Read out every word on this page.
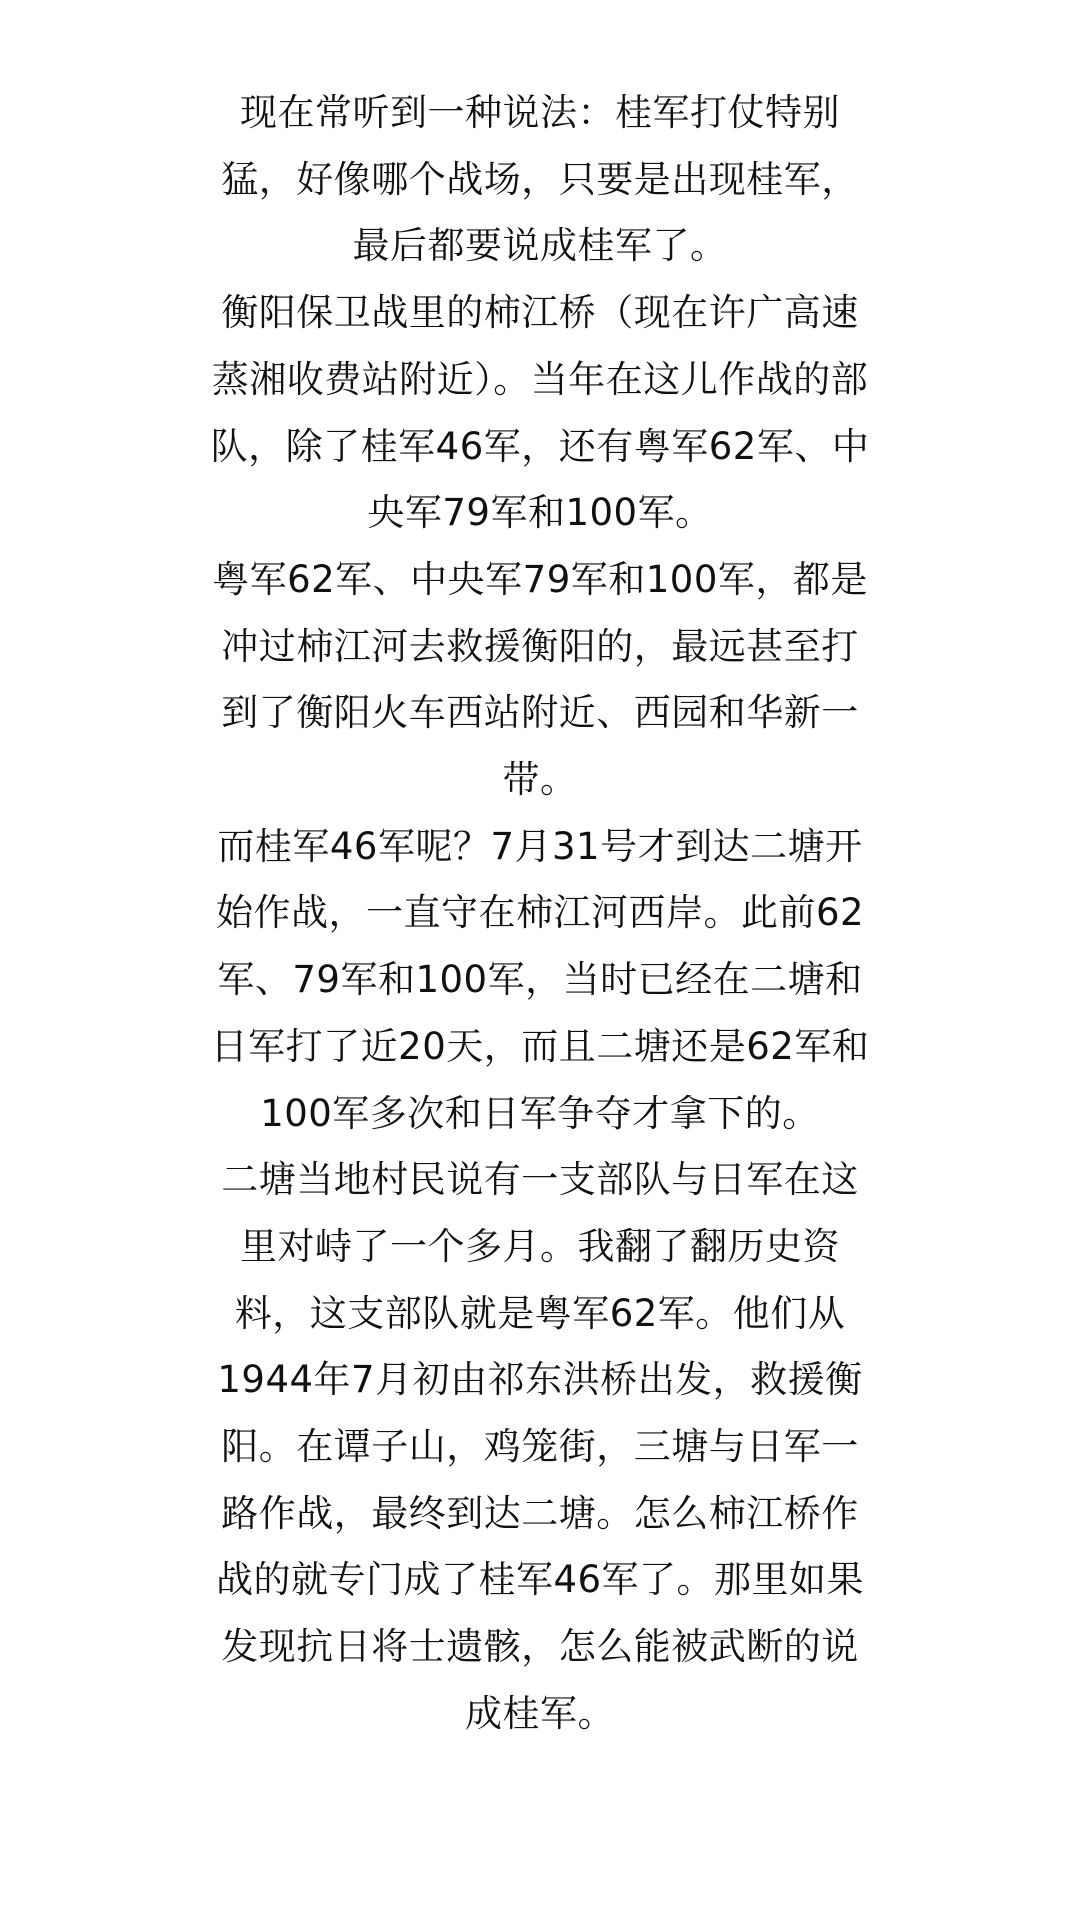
现在常听到一种说法：桂军打仗特别猛，好像哪个战场，只要是出现桂军，最后都要说成桂军了。

衡阳保卫战里的柿江桥（现在许广高速蒸湘收费站附近）。当年在这儿作战的部队，除了桂军46军，还有粤军62军、中央军79军和100军。

粤军62军、中央军79军和100军，都是冲过柿江河去救援衡阳的，最远甚至打到了衡阳火车西站附近、西园和华新一带。

而桂军46军呢？7月31号才到达二塘开始作战，一直守在柿江河西岸。此前62军、79军和100军，当时已经在二塘和日军打了近20天，而且二塘还是62军和100军多次和日军争夺才拿下的。

二塘当地村民说有一支部队与日军在这里对峙了一个多月。我翻了翻历史资料，这支部队就是粤军62军。他们从1944年7月初由祁东洪桥出发，救援衡阳。在谭子山，鸡笼街，三塘与日军一路作战，最终到达二塘。怎么柿江桥作战的就专门成了桂军46军了。那里如果发现抗日将士遗骸，怎么能被武断的说成桂军。
